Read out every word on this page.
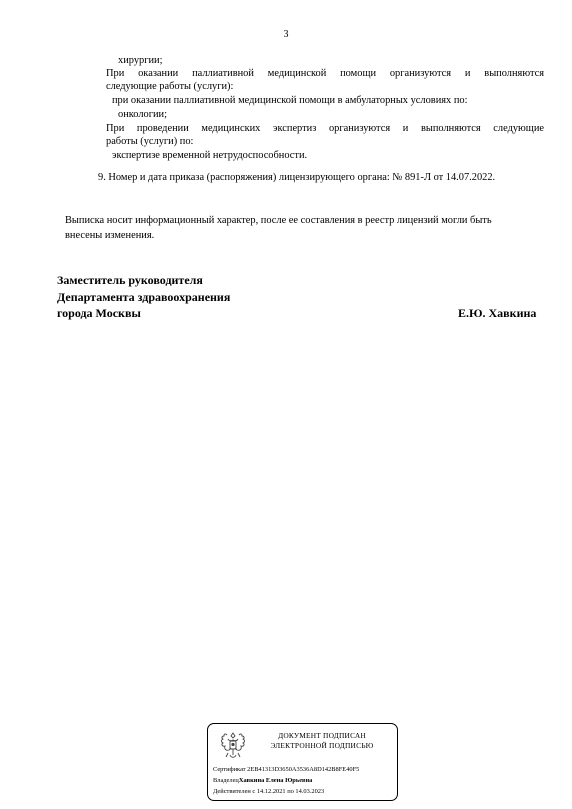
3
хирургии;
При оказании паллиативной медицинской помощи организуются и выполняются
следующие работы (услуги):
при оказании паллиативной медицинской помощи в амбулаторных условиях по:
онкологии;
При проведении медицинских экспертиз организуются и выполняются следующие
работы (услуги) по:
экспертизе временной нетрудоспособности.
9. Номер и дата приказа (распоряжения) лицензирующего органа: № 891-Л от 14.07.2022.
Выписка носит информационный характер, после ее составления в реестр лицензий могли быть
внесены изменения.
Заместитель руководителя
Департамента здравоохранения
города Москвы	Е.Ю. Хавкина
ДОКУМЕНТ ПОДПИСАН
ЭЛЕКТРОННОЙ ПОДПИСЬЮ
Сертификат 2EB41313D3650A3536A8D142B8FE40F5
ВладелецХавкина Елена Юрьевна
Действителен с 14.12.2021 по 14.03.2023
